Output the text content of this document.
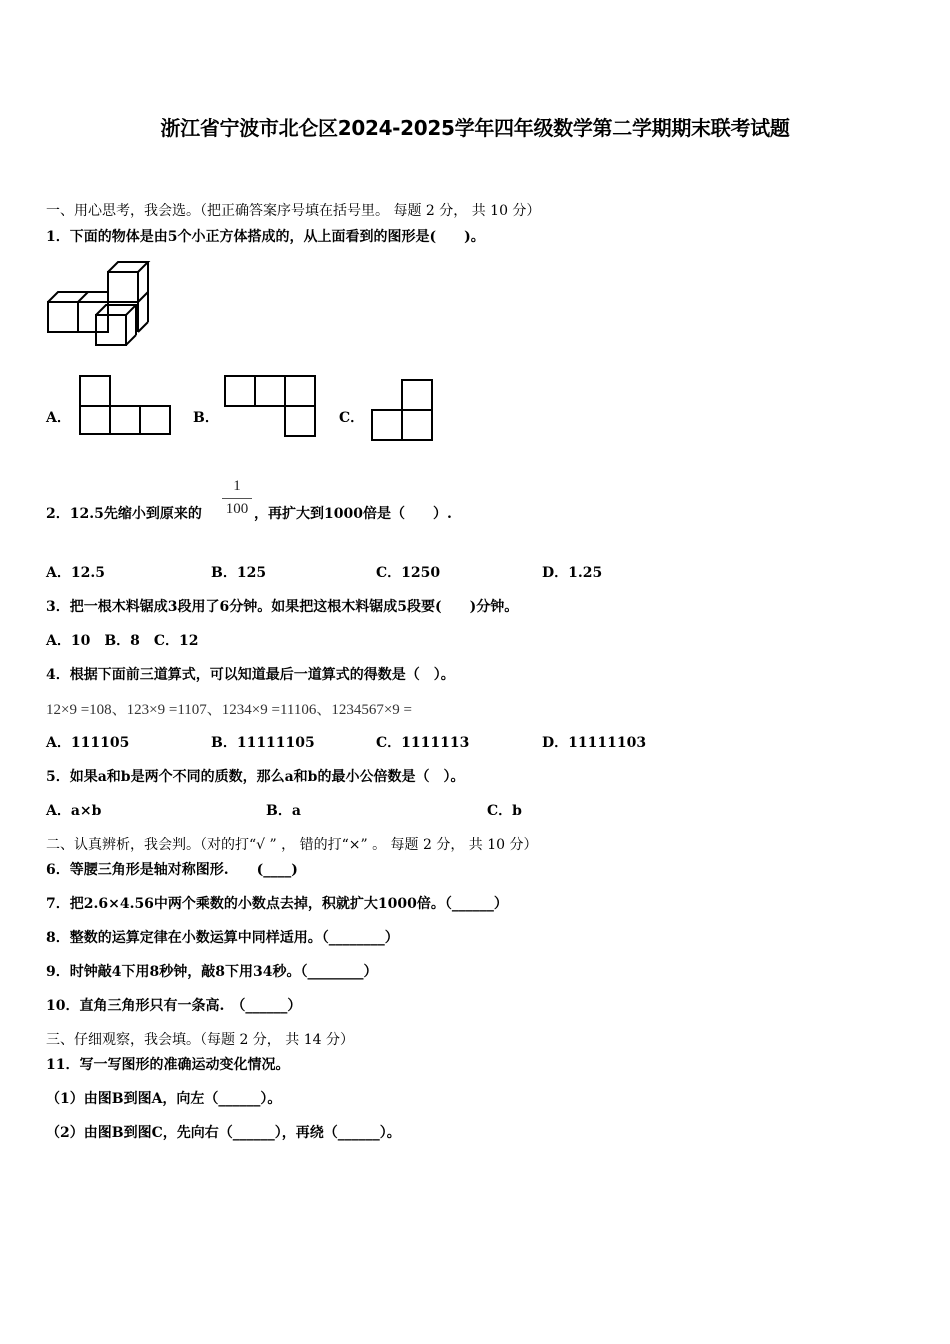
浙江省宁波市北仑区2024-2025学年四年级数学第二学期期末联考试题
一、用心思考，我会选。（把正确答案序号填在括号里。 每题 2 分， 共 10 分）
1．下面的物体是由5个小正方体搭成的，从上面看到的图形是(　　)。
A．	B．	C．
2．12.5先缩小到原来的
1
100 ，再扩大到1000倍是（　　）.
A．12.5	B．125	C．1250	D．1.25
3．把一根木料锯成3段用了6分钟。如果把这根木料锯成5段要(　　)分钟。
A．10　B．8　C．12
4．根据下面前三道算式，可以知道最后一道算式的得数是（　）。
12×9 =108、123×9 =1107、1234×9 =11106、1234567×9 =
A．111105	B．11111105	C．1111113	D．11111103
5．如果a和b是两个不同的质数，那么a和b的最小公倍数是（　）。
A．a×b	B．a	C．b
二、认真辨析，我会判。（对的打“√ ” ， 错的打“×” 。 每题 2 分， 共 10 分）
6．等腰三角形是轴对称图形.　　(____)
7．把2.6×4.56中两个乘数的小数点去掉，积就扩大1000倍。（______）
8．整数的运算定律在小数运算中同样适用。（________）
9．时钟敲4下用8秒钟，敲8下用34秒。（________）
10．直角三角形只有一条高.　（______）
三、仔细观察，我会填。（每题 2 分， 共 14 分）
11．写一写图形的准确运动变化情况。
（1）由图B到图A，向左（______）。
（2）由图B到图C，先向右（______），再绕（______）。
